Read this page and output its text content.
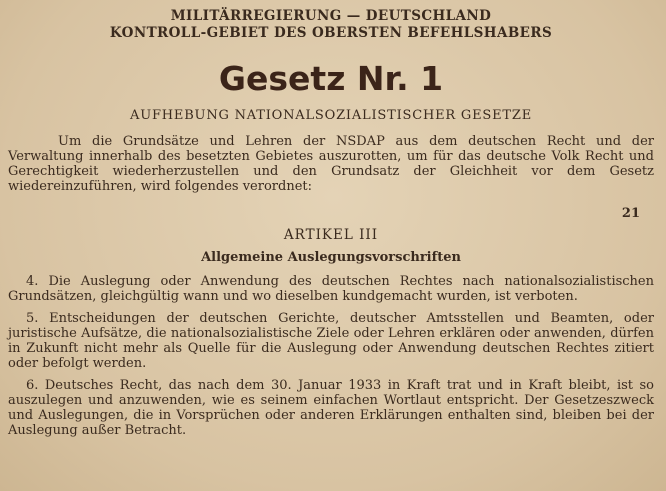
MILITÄRREGIERUNG — DEUTSCHLAND
KONTROLL-GEBIET DES OBERSTEN BEFEHLSHABERS
Gesetz Nr. 1
AUFHEBUNG NATIONALSOZIALISTISCHER GESETZE

Um die Grundsätze und Lehren der NSDAP aus dem deutschen Recht und der Verwaltung innerhalb des besetzten Gebietes auszurotten, um für das deutsche Volk Recht und Gerechtigkeit wiederherzustellen und den Grundsatz der Gleichheit vor dem Gesetz wiedereinzuführen, wird folgendes verordnet:

21
ARTIKEL III
Allgemeine Auslegungsvorschriften

4. Die Auslegung oder Anwendung des deutschen Rechtes nach nationalsozialistischen Grundsätzen, gleichgültig wann und wo dieselben kundgemacht wurden, ist verboten.

5. Entscheidungen der deutschen Gerichte, deutscher Amtsstellen und Beamten, oder juristische Aufsätze, die nationalsozialistische Ziele oder Lehren erklären oder anwenden, dürfen in Zukunft nicht mehr als Quelle für die Auslegung oder Anwendung deutschen Rechtes zitiert oder befolgt werden.

6. Deutsches Recht, das nach dem 30. Januar 1933 in Kraft trat und in Kraft bleibt, ist so auszulegen und anzuwenden, wie es seinem einfachen Wortlaut entspricht. Der Gesetzeszweck und Auslegungen, die in Vorsprüchen oder anderen Erklärungen enthalten sind, bleiben bei der Auslegung außer Betracht.
